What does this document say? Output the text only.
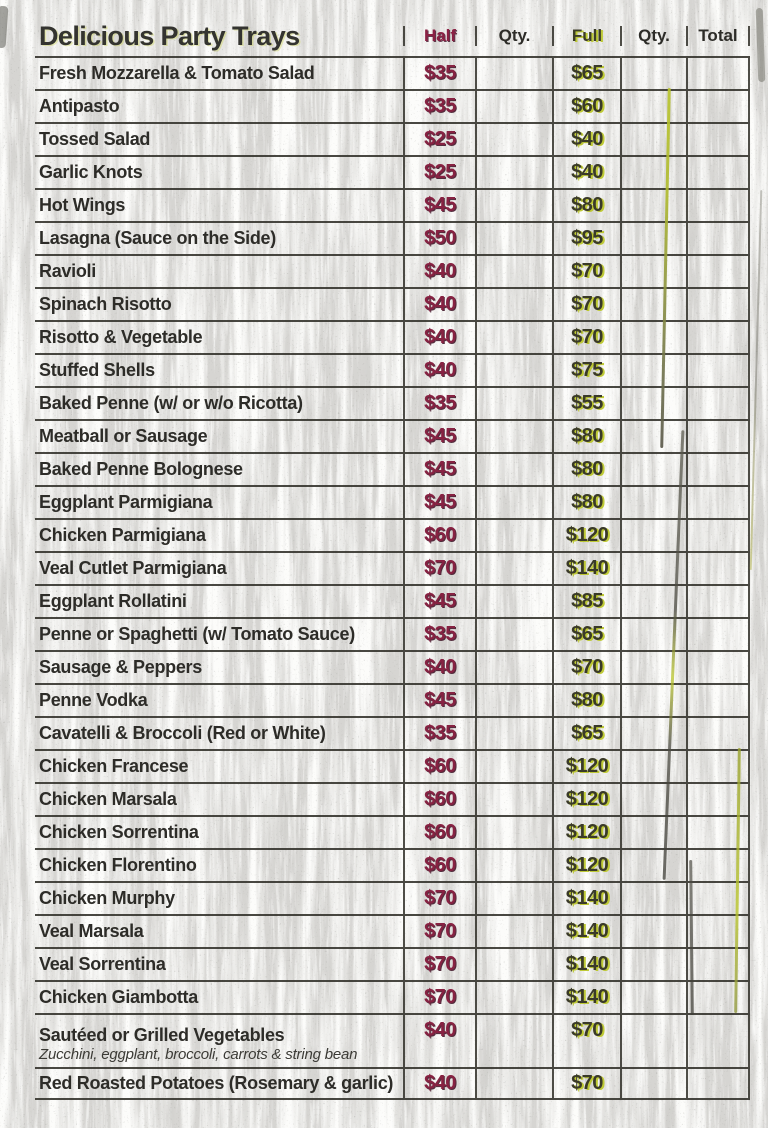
Delicious Party Trays	Half	Qty.	Full	Qty.	Total
Fresh Mozzarella & Tomato Salad	$35	$65
Antipasto	$35	$60
Tossed Salad	$25	$40
Garlic Knots	$25	$40
Hot Wings	$45	$80
Lasagna (Sauce on the Side)	$50	$95
Ravioli	$40	$70
Spinach Risotto	$40	$70
Risotto & Vegetable	$40	$70
Stuffed Shells	$40	$75
Baked Penne (w/ or w/o Ricotta)	$35	$55
Meatball or Sausage	$45	$80
Baked Penne Bolognese	$45	$80
Eggplant Parmigiana	$45	$80
Chicken Parmigiana	$60	$120
Veal Cutlet Parmigiana	$70	$140
Eggplant Rollatini	$45	$85
Penne or Spaghetti (w/ Tomato Sauce)	$35	$65
Sausage & Peppers	$40	$70
Penne Vodka	$45	$80
Cavatelli & Broccoli (Red or White)	$35	$65
Chicken Francese	$60	$120
Chicken Marsala	$60	$120
Chicken Sorrentina	$60	$120
Chicken Florentino	$60	$120
Chicken Murphy	$70	$140
Veal Marsala	$70	$140
Veal Sorrentina	$70	$140
Chicken Giambotta	$70	$140
Sautéed or Grilled Vegetables
Zucchini, eggplant, broccoli, carrots & string bean
$40	$70
Red Roasted Potatoes (Rosemary & garlic)	$40	$70
